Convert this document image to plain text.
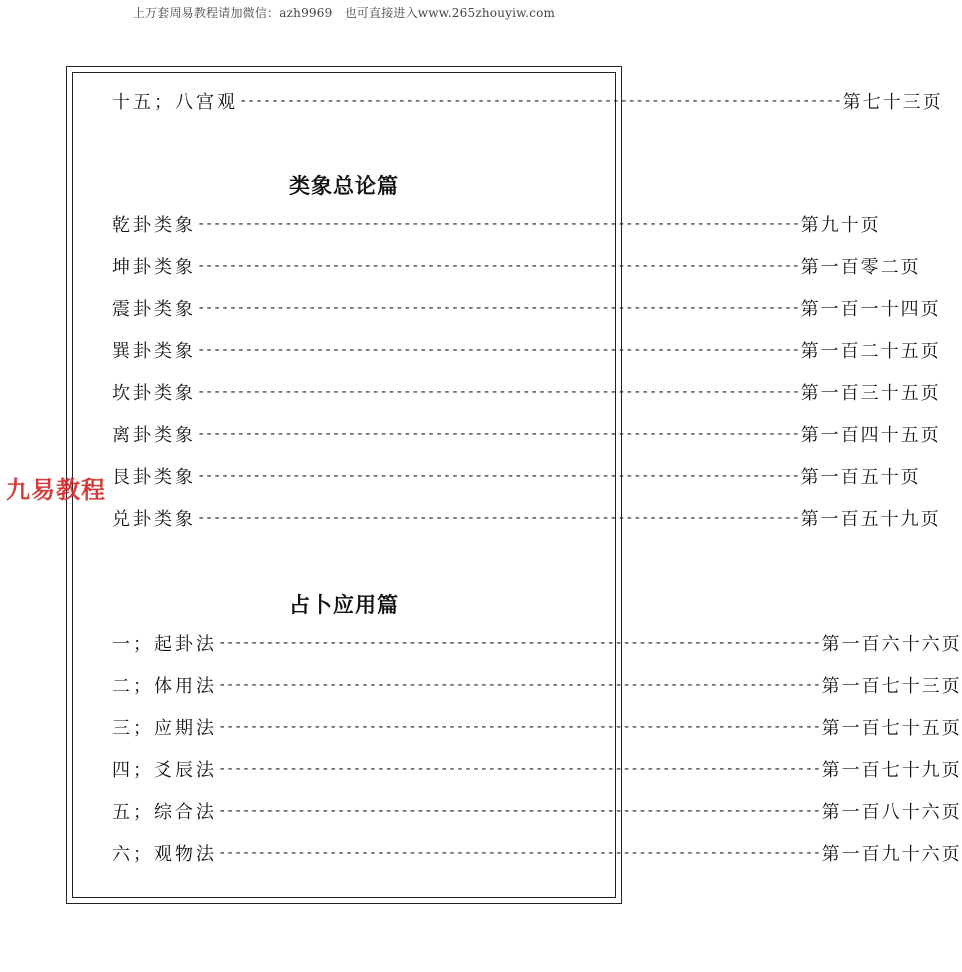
上万套周易教程请加微信：azh9969　也可直接进入www.265zhouyiw.com
十五；八宫观 ---------------------------------------------------------------------------- 第七十三页
类象总论篇
乾卦类象 ---------------------------------------------------------------------------- 第九十页
坤卦类象 ---------------------------------------------------------------------------- 第一百零二页
震卦类象 ---------------------------------------------------------------------------- 第一百一十四页
巽卦类象 ---------------------------------------------------------------------------- 第一百二十五页
坎卦类象 ---------------------------------------------------------------------------- 第一百三十五页
离卦类象 ---------------------------------------------------------------------------- 第一百四十五页
艮卦类象 ---------------------------------------------------------------------------- 第一百五十页
兑卦类象 ---------------------------------------------------------------------------- 第一百五十九页
占卜应用篇
一；起卦法 ---------------------------------------------------------------------------- 第一百六十六页
二；体用法 ---------------------------------------------------------------------------- 第一百七十三页
三；应期法 ---------------------------------------------------------------------------- 第一百七十五页
四；爻辰法 ---------------------------------------------------------------------------- 第一百七十九页
五；综合法 ---------------------------------------------------------------------------- 第一百八十六页
六；观物法 ---------------------------------------------------------------------------- 第一百九十六页
九易教程
